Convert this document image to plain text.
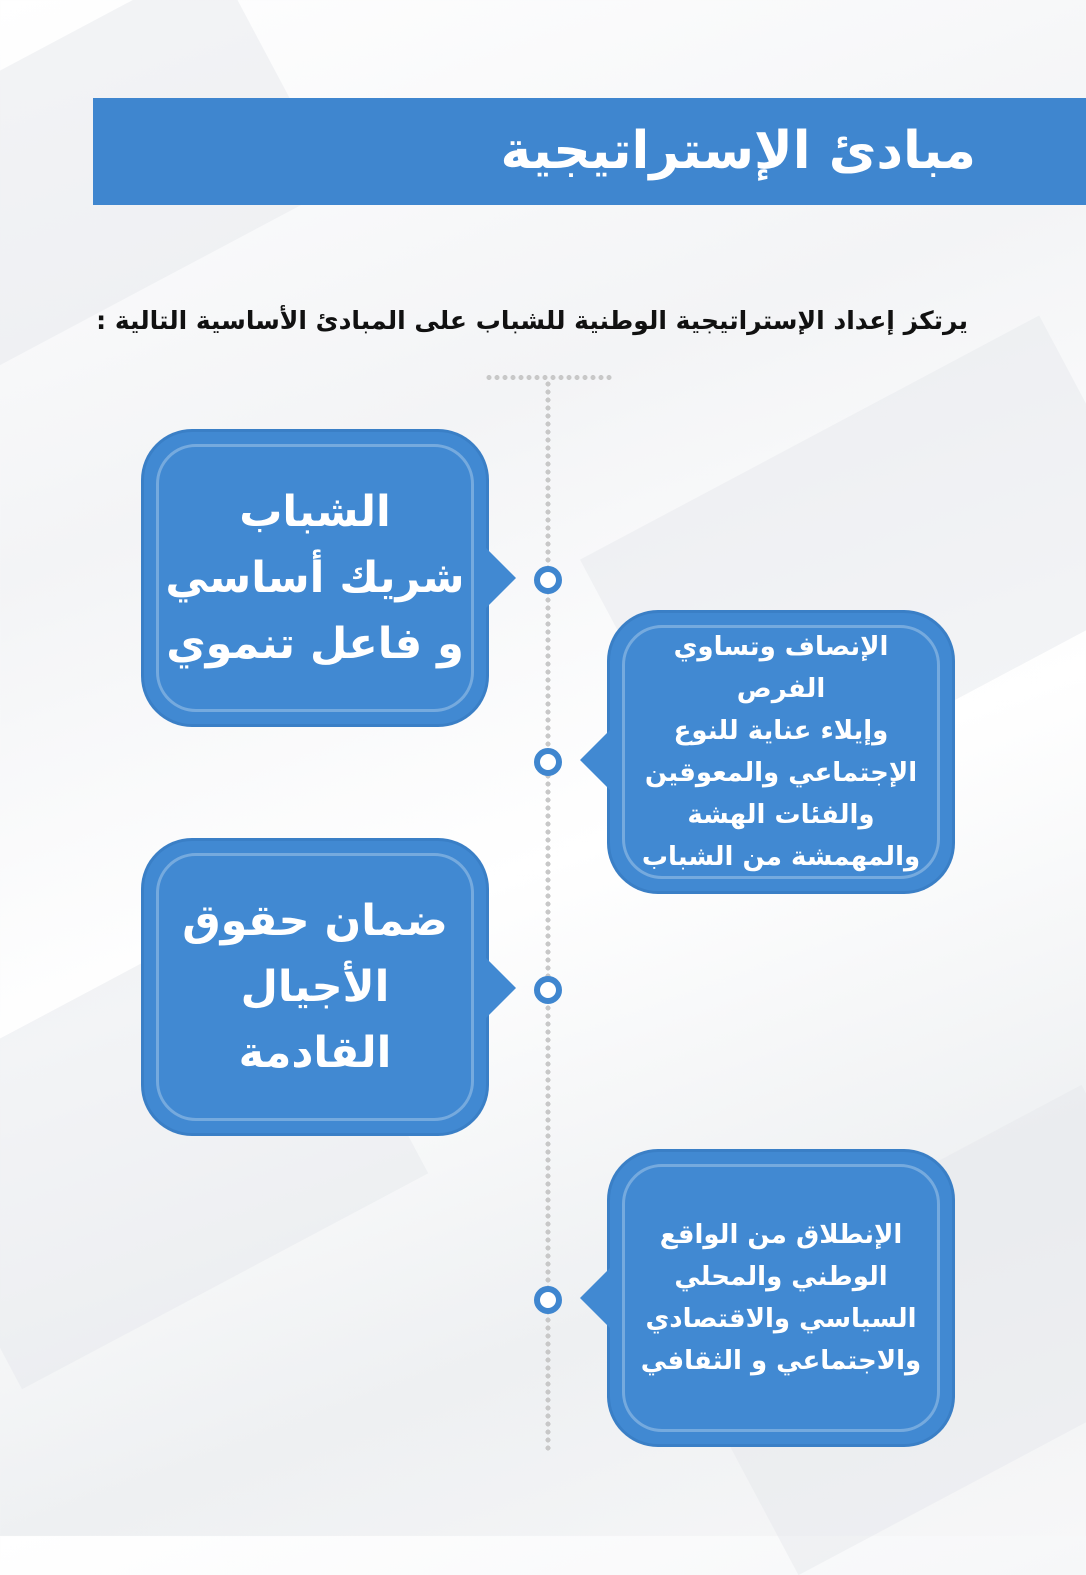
مبادئ الإستراتيجية

يرتكز إعداد الإستراتيجية الوطنية للشباب على المبادئ الأساسية التالية :

الشباب
شريك أساسي
و فاعل تنموي	الإنصاف وتساوي الفرص
وإيلاء عناية للنوع
الإجتماعي والمعوقين
والفئات الهشة
والمهمشة من الشباب

ضمان حقوق
الأجيال القادمة

الإنطلاق من الواقع
الوطني والمحلي
السياسي والاقتصادي
والاجتماعي و الثقافي
